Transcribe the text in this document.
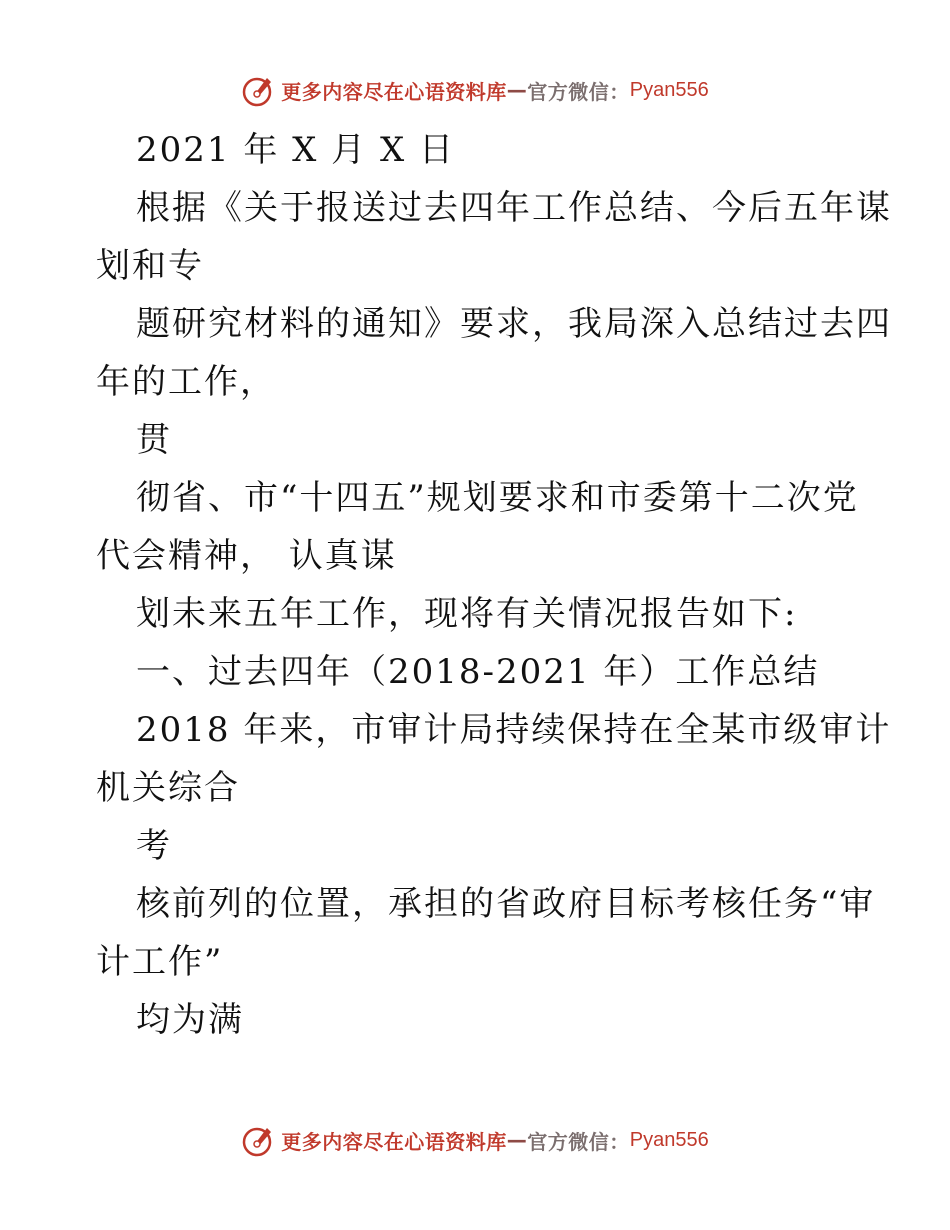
更多内容尽在心语资料库 — 官方微信： Pyan556
2021 年 X 月 X 日
根据《关于报送过去四年工作总结、今后五年谋
划和专
题研究材料的通知》要求，我局深入总结过去四
年的工作，
贯
彻省、市“十四五”规划要求和市委第十二次党
代会精神， 认真谋
划未来五年工作，现将有关情况报告如下:
一、过去四年（2018-2021 年）工作总结
2018 年来，市审计局持续保持在全某市级审计
机关综合
考
核前列的位置，承担的省政府目标考核任务“审
计工作”
均为满
更多内容尽在心语资料库 — 官方微信： Pyan556
